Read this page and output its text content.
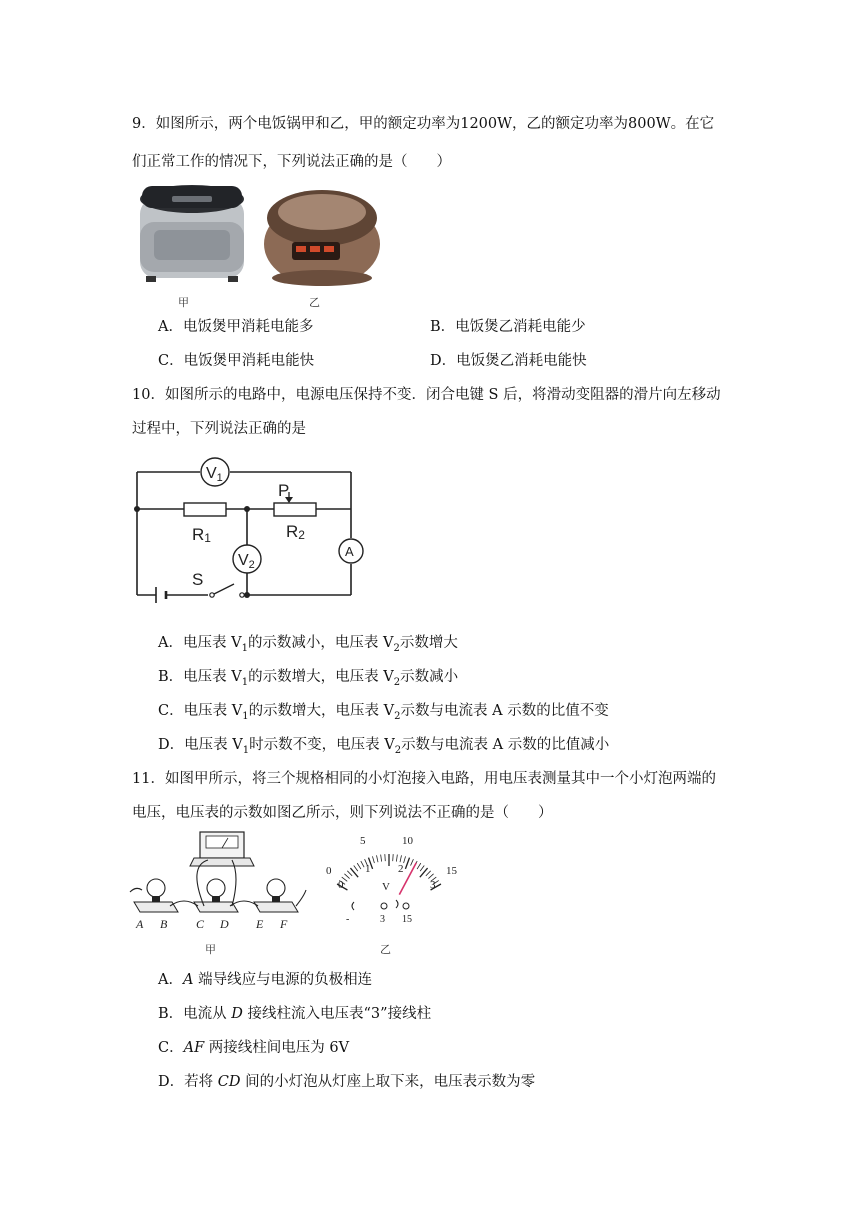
9．如图所示，两个电饭锅甲和乙，甲的额定功率为1200W，乙的额定功率为800W。在它
们正常工作的情况下，下列说法正确的是（　　）
甲	乙
A．电饭煲甲消耗电能多	B．电饭煲乙消耗电能少
C．电饭煲甲消耗电能快	D．电饭煲乙消耗电能快
10．如图所示的电路中，电源电压保持不变．闭合电键 S 后，将滑动变阻器的滑片向左移动
过程中，下列说法正确的是
V1
V2
A
R1	R2
P
S
A．电压表 $V_1$的示数减小，电压表 $V_2$示数增大
B．电压表 $V_1$的示数增大，电压表 $V_2$示数减小
C．电压表 $V_1$的示数增大，电压表 $V_2$示数与电流表 A 示数的比值不变
D．电压表 $V_1$时示数不变，电压表 $V_2$示数与电流表 A 示数的比值减小
11．如图甲所示，将三个规格相同的小灯泡接入电路，用电压表测量其中一个小灯泡两端的
电压，电压表的示数如图乙所示，则下列说法不正确的是（　　）
A B C D E F
甲
0
5	10
15
0
1	2
3
V
-	3 15
乙
A．A 端导线应与电源的负极相连
B．电流从 D 接线柱流入电压表“3”接线柱
C．AF 两接线柱间电压为 6V
D．若将 CD 间的小灯泡从灯座上取下来，电压表示数为零
